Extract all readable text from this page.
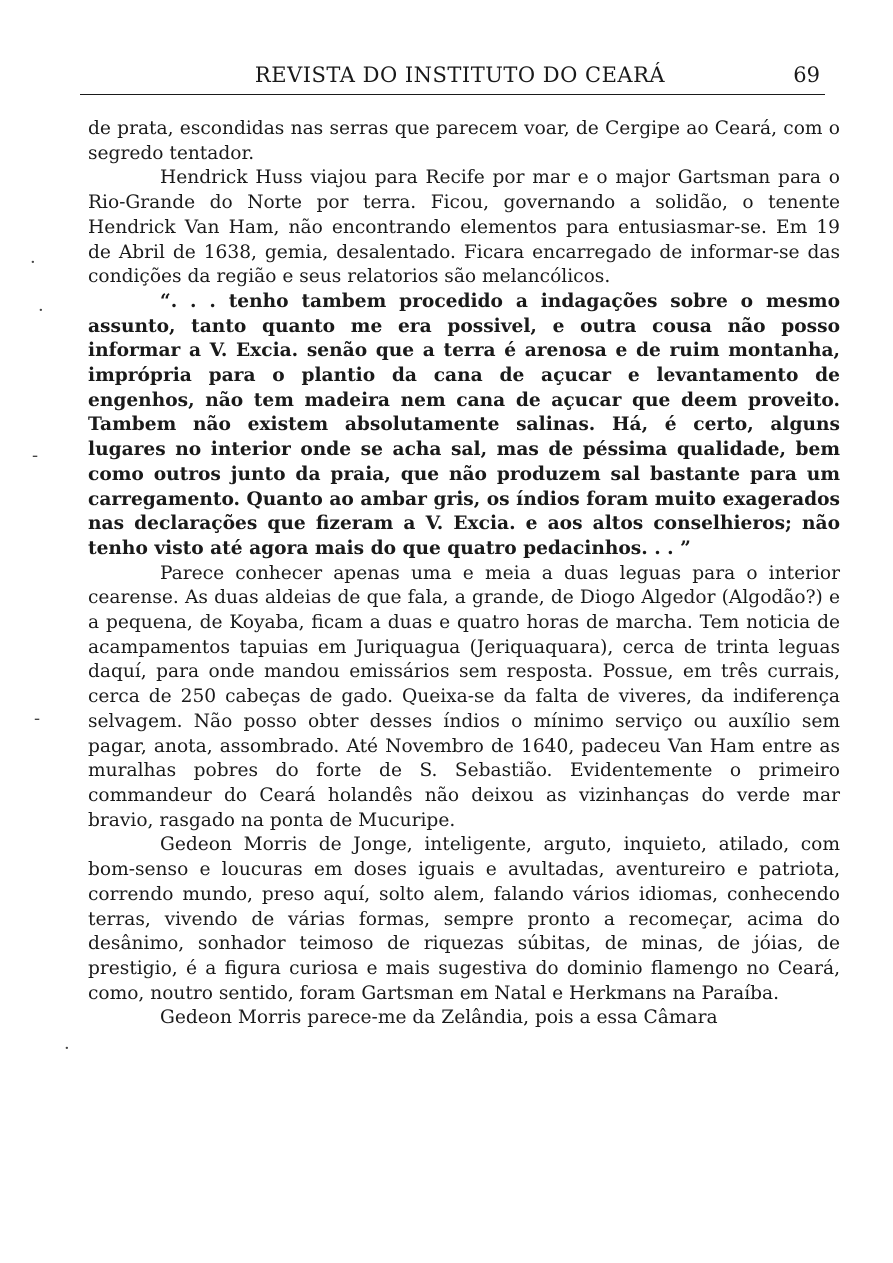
REVISTA DO INSTITUTO DO CEARÁ	69

de prata, escondidas nas serras que parecem voar, de Cergipe ao Ceará, com o segredo tentador.

Hendrick Huss viajou para Recife por mar e o major Gartsman para o Rio-Grande do Norte por terra. Ficou, governando a solidão, o tenente Hendrick Van Ham, não encontrando elementos para entusiasmar-se. Em 19 de Abril de 1638, gemia, desalentado. Ficara encarregado de informar-se das condições da região e seus relatorios são melancólicos.

“. . . tenho tambem procedido a indagações sobre o mesmo assunto, tanto quanto me era possivel, e outra cousa não posso informar a V. Excia. senão que a terra é arenosa e de ruim montanha, imprópria para o plantio da cana de açucar e levantamento de engenhos, não tem madeira nem cana de açucar que deem proveito. Tambem não existem absolutamente salinas. Há, é certo, alguns lugares no interior onde se acha sal, mas de péssima qualidade, bem como outros junto da praia, que não produzem sal bastante para um carregamento. Quanto ao ambar gris, os índios foram muito exagerados nas declarações que fizeram a V. Excia. e aos altos conselhieros; não tenho visto até agora mais do que quatro pedacinhos. . . ”

Parece conhecer apenas uma e meia a duas leguas para o interior cearense. As duas aldeias de que fala, a grande, de Diogo Algedor (Algodão?) e a pequena, de Koyaba, ficam a duas e quatro horas de marcha. Tem noticia de acampamentos tapuias em Juriquagua (Jeriquaquara), cerca de trinta leguas daquí, para onde mandou emissários sem resposta. Possue, em três currais, cerca de 250 cabeças de gado. Queixa-se da falta de viveres, da indiferença selvagem. Não posso obter desses índios o mínimo serviço ou auxílio sem pagar, anota, assombrado. Até Novembro de 1640, padeceu Van Ham entre as muralhas pobres do forte de S. Sebastião. Evidentemente o primeiro commandeur do Ceará holandês não deixou as vizinhanças do verde mar bravio, rasgado na ponta de Mucuripe.

Gedeon Morris de Jonge, inteligente, arguto, inquieto, atilado, com bom-senso e loucuras em doses iguais e avultadas, aventureiro e patriota, correndo mundo, preso aquí, solto alem, falando vários idiomas, conhecendo terras, vivendo de várias formas, sempre pronto a recomeçar, acima do desânimo, sonhador teimoso de riquezas súbitas, de minas, de jóias, de prestigio, é a figura curiosa e mais sugestiva do dominio flamengo no Ceará, como, noutro sentido, foram Gartsman em Natal e Herkmans na Paraíba.

Gedeon Morris parece-me da Zelândia, pois a essa Câmara

·
·
-
-
·
